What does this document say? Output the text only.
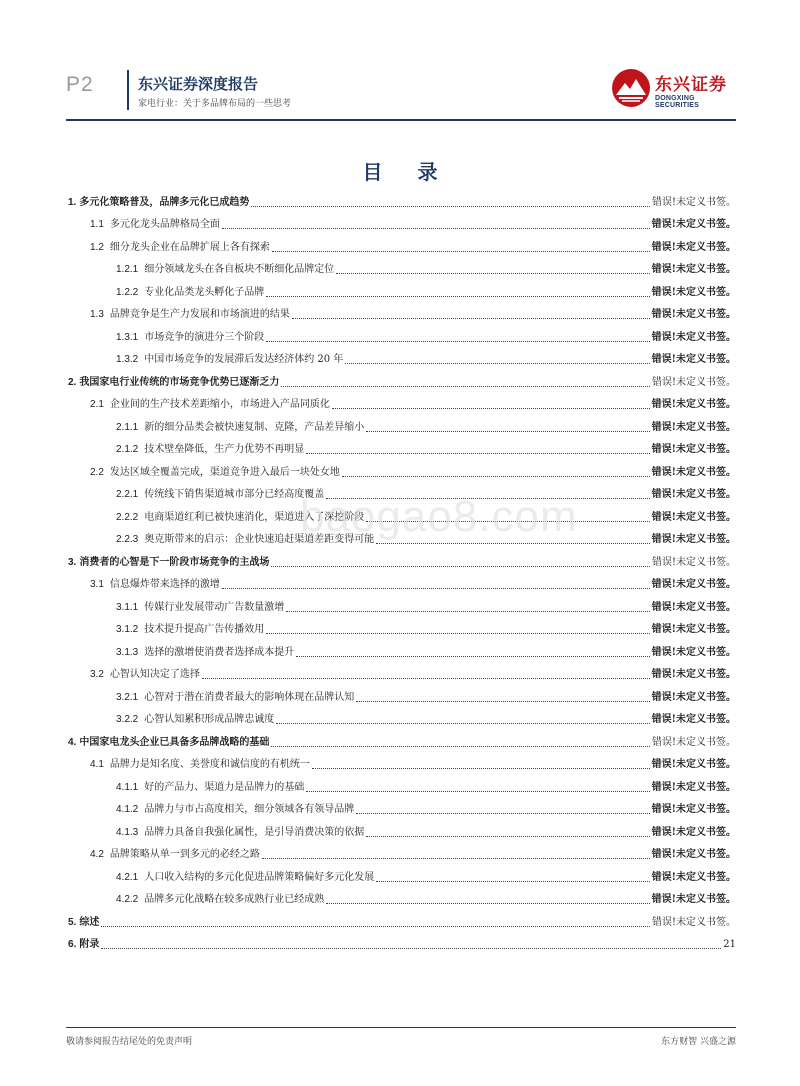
P2	东兴证券深度报告
家电行业：关于多品牌布局的一些思考
东兴证券
DONGXING SECURITIES
目 录
1. 多元化策略普及，品牌多元化已成趋势	错误!未定义书签。
1.1 多元化龙头品牌格局全面	错误!未定义书签。
1.2 细分龙头企业在品牌扩展上各有探索	错误!未定义书签。
1.2.1 细分领域龙头在各自板块不断细化品牌定位	错误!未定义书签。
1.2.2 专业化品类龙头孵化子品牌	错误!未定义书签。
1.3 品牌竞争是生产力发展和市场演进的结果	错误!未定义书签。
1.3.1 市场竞争的演进分三个阶段	错误!未定义书签。
1.3.2 中国市场竞争的发展滞后发达经济体约 20 年	错误!未定义书签。
2. 我国家电行业传统的市场竞争优势已逐渐乏力	错误!未定义书签。
2.1 企业间的生产技术差距缩小，市场进入产品同质化	错误!未定义书签。
2.1.1 新的细分品类会被快速复制、克隆，产品差异缩小	错误!未定义书签。
2.1.2 技术壁垒降低，生产力优势不再明显	错误!未定义书签。
2.2 发达区域全覆盖完成，渠道竞争进入最后一块处女地	错误!未定义书签。
2.2.1 传统线下销售渠道城市部分已经高度覆盖	错误!未定义书签。
2.2.2 电商渠道红利已被快速消化，渠道进入了深挖阶段	错误!未定义书签。
2.2.3 奥克斯带来的启示：企业快速追赶渠道差距变得可能	错误!未定义书签。
3. 消费者的心智是下一阶段市场竞争的主战场	错误!未定义书签。
3.1 信息爆炸带来选择的激增	错误!未定义书签。
3.1.1 传媒行业发展带动广告数量激增	错误!未定义书签。
3.1.2 技术提升提高广告传播效用	错误!未定义书签。
3.1.3 选择的激增使消费者选择成本提升	错误!未定义书签。
3.2 心智认知决定了选择	错误!未定义书签。
3.2.1 心智对于潜在消费者最大的影响体现在品牌认知	错误!未定义书签。
3.2.2 心智认知累积形成品牌忠诚度	错误!未定义书签。
4. 中国家电龙头企业已具备多品牌战略的基础	错误!未定义书签。
4.1 品牌力是知名度、美誉度和诚信度的有机统一	错误!未定义书签。
4.1.1 好的产品力、渠道力是品牌力的基础	错误!未定义书签。
4.1.2 品牌力与市占高度相关，细分领域各有领导品牌	错误!未定义书签。
4.1.3 品牌力具备自我强化属性，是引导消费决策的依据	错误!未定义书签。
4.2 品牌策略从单一到多元的必经之路	错误!未定义书签。
4.2.1 人口收入结构的多元化促进品牌策略偏好多元化发展	错误!未定义书签。
4.2.2 品牌多元化战略在较多成熟行业已经成熟	错误!未定义书签。
5. 综述	错误!未定义书签。
6. 附录	21
baogao8.com
敬请参阅报告结尾处的免责声明	东方财智 兴盛之源
